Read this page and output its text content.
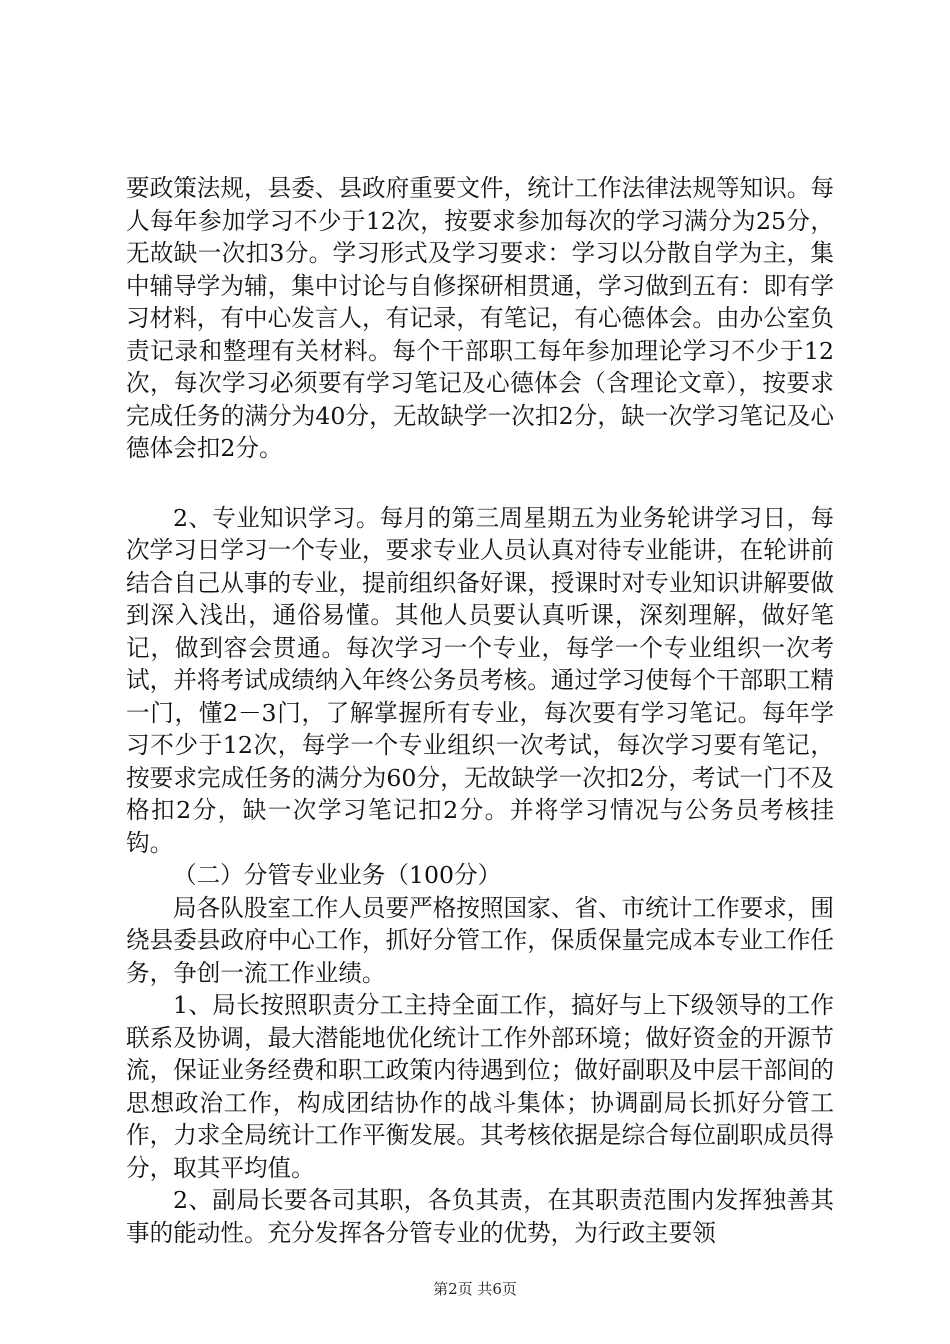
要政策法规，县委、县政府重要文件，统计工作法律法规等知识。每人每年参加学习不少于12次，按要求参加每次的学习满分为25分，无故缺一次扣3分。学习形式及学习要求：学习以分散自学为主，集中辅导学为辅，集中讨论与自修探研相贯通，学习做到五有：即有学习材料，有中心发言人，有记录，有笔记，有心德体会。由办公室负责记录和整理有关材料。每个干部职工每年参加理论学习不少于12次，每次学习必须要有学习笔记及心德体会（含理论文章），按要求完成任务的满分为40分，无故缺学一次扣2分，缺一次学习笔记及心德体会扣2分。

2、专业知识学习。每月的第三周星期五为业务轮讲学习日，每次学习日学习一个专业，要求专业人员认真对待专业能讲，在轮讲前结合自己从事的专业，提前组织备好课，授课时对专业知识讲解要做到深入浅出，通俗易懂。其他人员要认真听课，深刻理解，做好笔记，做到容会贯通。每次学习一个专业，每学一个专业组织一次考试，并将考试成绩纳入年终公务员考核。通过学习使每个干部职工精一门，懂2－3门，了解掌握所有专业，每次要有学习笔记。每年学习不少于12次，每学一个专业组织一次考试，每次学习要有笔记，按要求完成任务的满分为60分，无故缺学一次扣2分，考试一门不及格扣2分，缺一次学习笔记扣2分。并将学习情况与公务员考核挂钩。

（二）分管专业业务（100分）

局各队股室工作人员要严格按照国家、省、市统计工作要求，围绕县委县政府中心工作，抓好分管工作，保质保量完成本专业工作任务，争创一流工作业绩。

1、局长按照职责分工主持全面工作，搞好与上下级领导的工作联系及协调，最大潜能地优化统计工作外部环境；做好资金的开源节流，保证业务经费和职工政策内待遇到位；做好副职及中层干部间的思想政治工作，构成团结协作的战斗集体；协调副局长抓好分管工作，力求全局统计工作平衡发展。其考核依据是综合每位副职成员得分，取其平均值。

2、副局长要各司其职，各负其责，在其职责范围内发挥独善其事的能动性。充分发挥各分管专业的优势，为行政主要领

第2页 共6页
